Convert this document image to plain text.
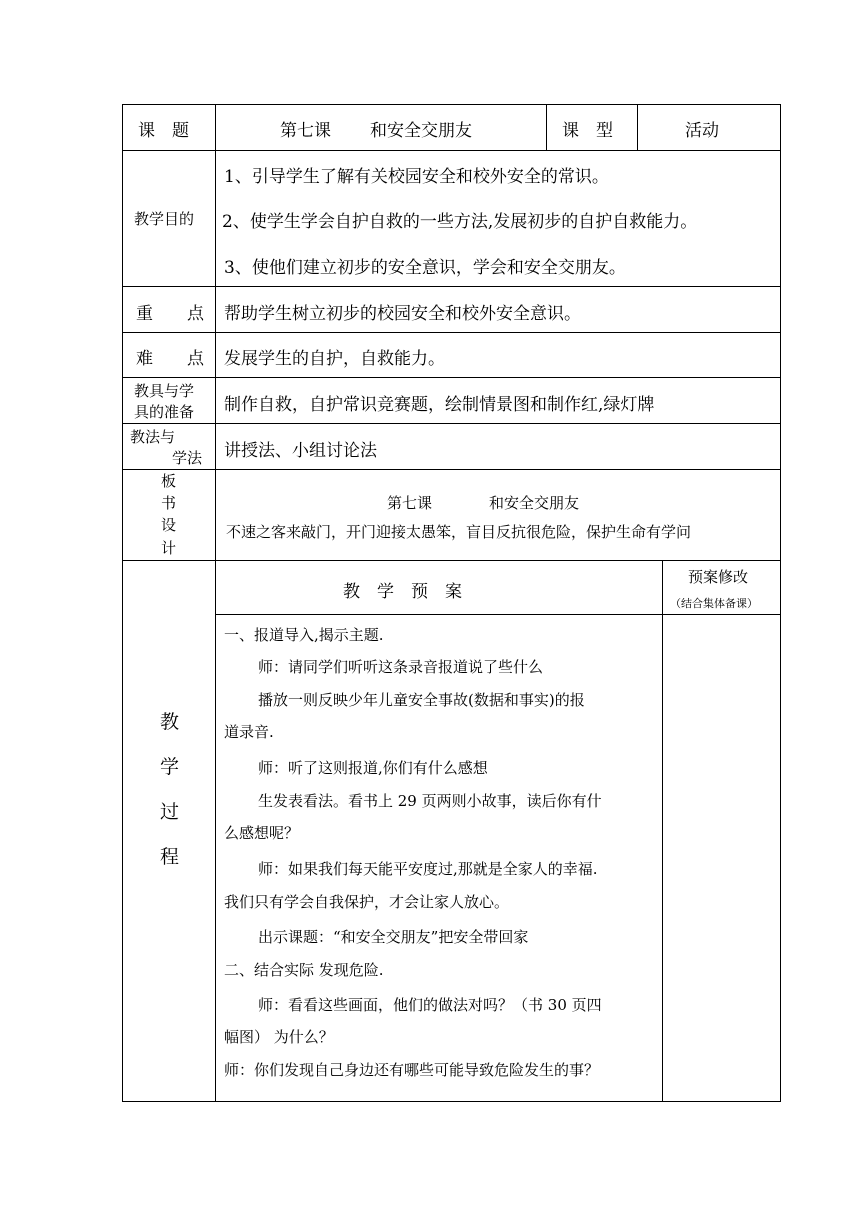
课　题	第七课 和安全交朋友	课　型	活动
教学目的
1、引导学生了解有关校园安全和校外安全的常识。
2、使学生学会自护自救的一些方法,发展初步的自护自救能力。
3、使他们建立初步的安全意识，学会和安全交朋友。
重　　点 帮助学生树立初步的校园安全和校外安全意识。
难　　点 发展学生的自护，自救能力。
教具与学
具的准备 制作自救，自护常识竞赛题，绘制情景图和制作红,绿灯牌
教法与
学法 讲授法、小组讨论法
板
书
设
计
第七课	和安全交朋友
不速之客来敲门，开门迎接太愚笨，盲目反抗很危险，保护生命有学问
教
学
过
程
教　学　预　案
预案修改
（结合集体备课）
一、报道导入,揭示主题.
师：请同学们听听这条录音报道说了些什么
播放一则反映少年儿童安全事故(数据和事实)的报
道录音.
师：听了这则报道,你们有什么感想
生发表看法。看书上 29 页两则小故事，读后你有什
么感想呢？
师：如果我们每天能平安度过,那就是全家人的幸福.
我们只有学会自我保护，才会让家人放心。
出示课题：“和安全交朋友”把安全带回家
二、结合实际 发现危险.
师：看看这些画面，他们的做法对吗？（书 30 页四
幅图） 为什么？
师：你们发现自己身边还有哪些可能导致危险发生的事？
